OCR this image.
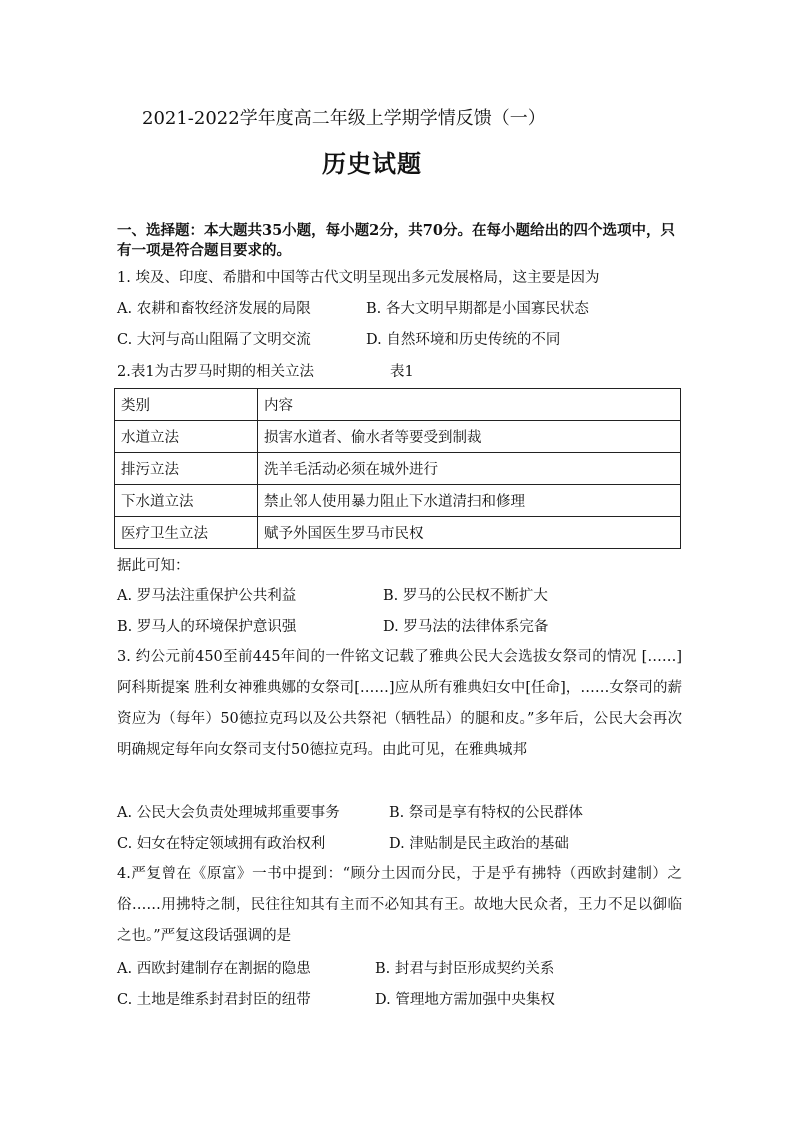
2021-2022学年度高二年级上学期学情反馈（一）
历史试题
一、选择题：本大题共35小题，每小题2分，共70分。在每小题给出的四个选项中，只有一项是符合题目要求的。
1. 埃及、印度、希腊和中国等古代文明呈现出多元发展格局，这主要是因为
A. 农耕和畜牧经济发展的局限	B. 各大文明早期都是小国寡民状态
C. 大河与高山阻隔了文明交流	D. 自然环境和历史传统的不同
2.表1为古罗马时期的相关立法	表1
类别	内容
水道立法	损害水道者、偷水者等要受到制裁
排污立法	洗羊毛活动必须在城外进行
下水道立法	禁止邻人使用暴力阻止下水道清扫和修理
医疗卫生立法	赋予外国医生罗马市民权
据此可知：
A. 罗马法注重保护公共利益	B. 罗马的公民权不断扩大
B. 罗马人的环境保护意识强	D. 罗马法的法律体系完备
3. 约公元前450至前445年间的一件铭文记载了雅典公民大会选拔女祭司的情况 [……]阿科斯提案 胜利女神雅典娜的女祭司[……]应从所有雅典妇女中[任命]，……女祭司的薪资应为（每年）50德拉克玛以及公共祭祀（牺牲品）的腿和皮。”多年后，公民大会再次明确规定每年向女祭司支付50德拉克玛。由此可见，在雅典城邦
A. 公民大会负责处理城邦重要事务	B. 祭司是享有特权的公民群体
C. 妇女在特定领域拥有政治权利	D. 津贴制是民主政治的基础
4.严复曾在《原富》一书中提到：“顾分土因而分民，于是乎有拂特（西欧封建制）之俗……用拂特之制，民往往知其有主而不必知其有王。故地大民众者，王力不足以御临之也。”严复这段话强调的是
A. 西欧封建制存在割据的隐患	B. 封君与封臣形成契约关系
C. 土地是维系封君封臣的纽带	D. 管理地方需加强中央集权
